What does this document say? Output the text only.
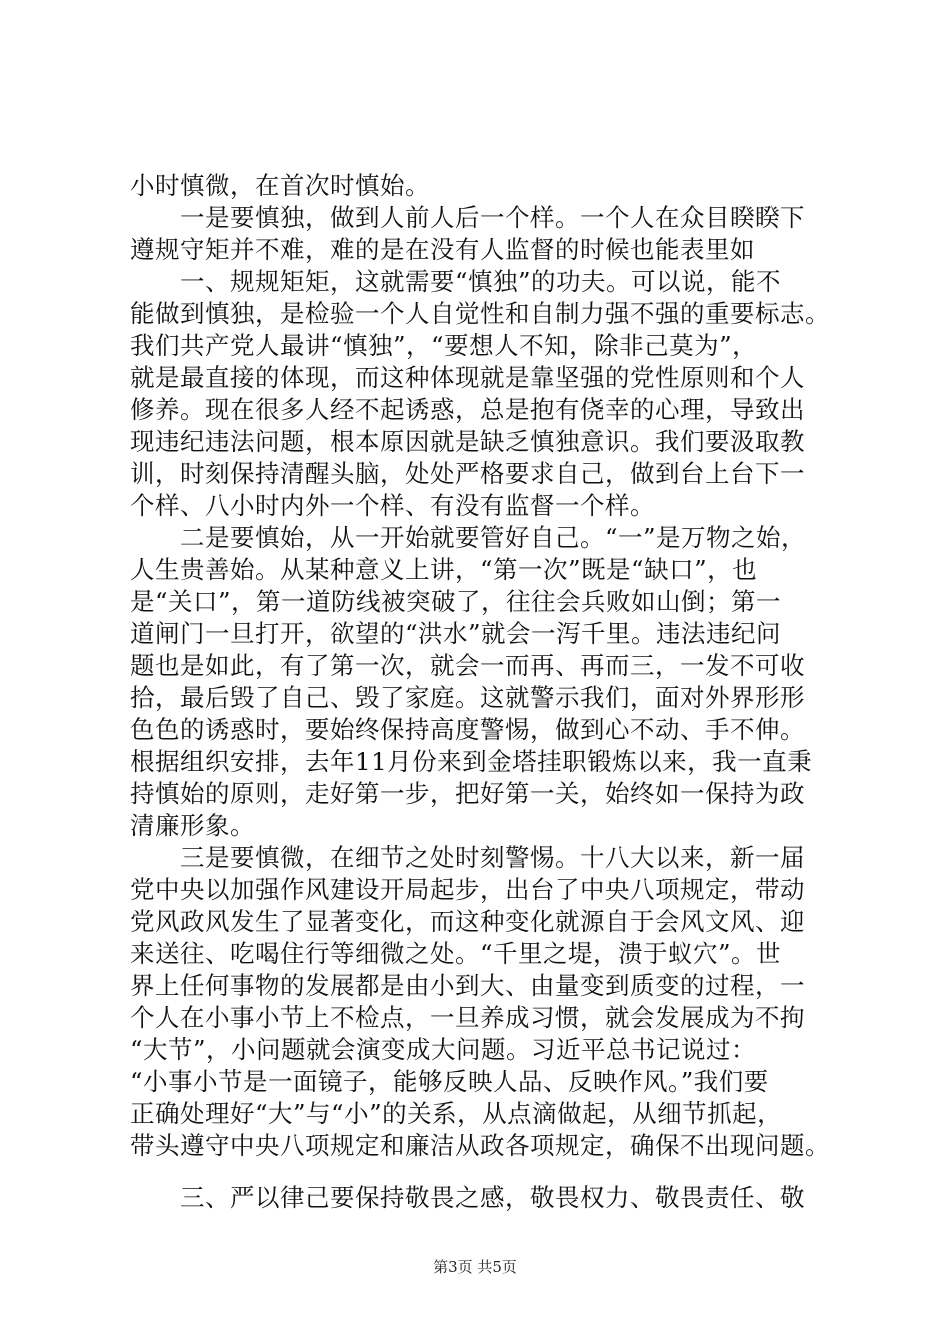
小时慎微，在首次时慎始。
一是要慎独，做到人前人后一个样。一个人在众目睽睽下
遵规守矩并不难，难的是在没有人监督的时候也能表里如
一、规规矩矩，这就需要“慎独”的功夫。可以说，能不
能做到慎独，是检验一个人自觉性和自制力强不强的重要标志。
我们共产党人最讲“慎独”，“要想人不知，除非己莫为”，
就是最直接的体现，而这种体现就是靠坚强的党性原则和个人
修养。现在很多人经不起诱惑，总是抱有侥幸的心理，导致出
现违纪违法问题，根本原因就是缺乏慎独意识。我们要汲取教
训，时刻保持清醒头脑，处处严格要求自己，做到台上台下一
个样、八小时内外一个样、有没有监督一个样。
二是要慎始，从一开始就要管好自己。“一”是万物之始，
人生贵善始。从某种意义上讲，“第一次”既是“缺口”，也
是“关口”，第一道防线被突破了，往往会兵败如山倒；第一
道闸门一旦打开，欲望的“洪水”就会一泻千里。违法违纪问
题也是如此，有了第一次，就会一而再、再而三，一发不可收
拾，最后毁了自己、毁了家庭。这就警示我们，面对外界形形
色色的诱惑时，要始终保持高度警惕，做到心不动、手不伸。
根据组织安排，去年11月份来到金塔挂职锻炼以来，我一直秉
持慎始的原则，走好第一步，把好第一关，始终如一保持为政
清廉形象。
三是要慎微，在细节之处时刻警惕。十八大以来，新一届
党中央以加强作风建设开局起步，出台了中央八项规定，带动
党风政风发生了显著变化，而这种变化就源自于会风文风、迎
来送往、吃喝住行等细微之处。“千里之堤，溃于蚁穴”。世
界上任何事物的发展都是由小到大、由量变到质变的过程，一
个人在小事小节上不检点，一旦养成习惯，就会发展成为不拘
“大节”，小问题就会演变成大问题。习近平总书记说过：
“小事小节是一面镜子，能够反映人品、反映作风。”我们要
正确处理好“大”与“小”的关系，从点滴做起，从细节抓起，
带头遵守中央八项规定和廉洁从政各项规定，确保不出现问题。
三、严以律己要保持敬畏之感，敬畏权力、敬畏责任、敬
第3页 共5页
